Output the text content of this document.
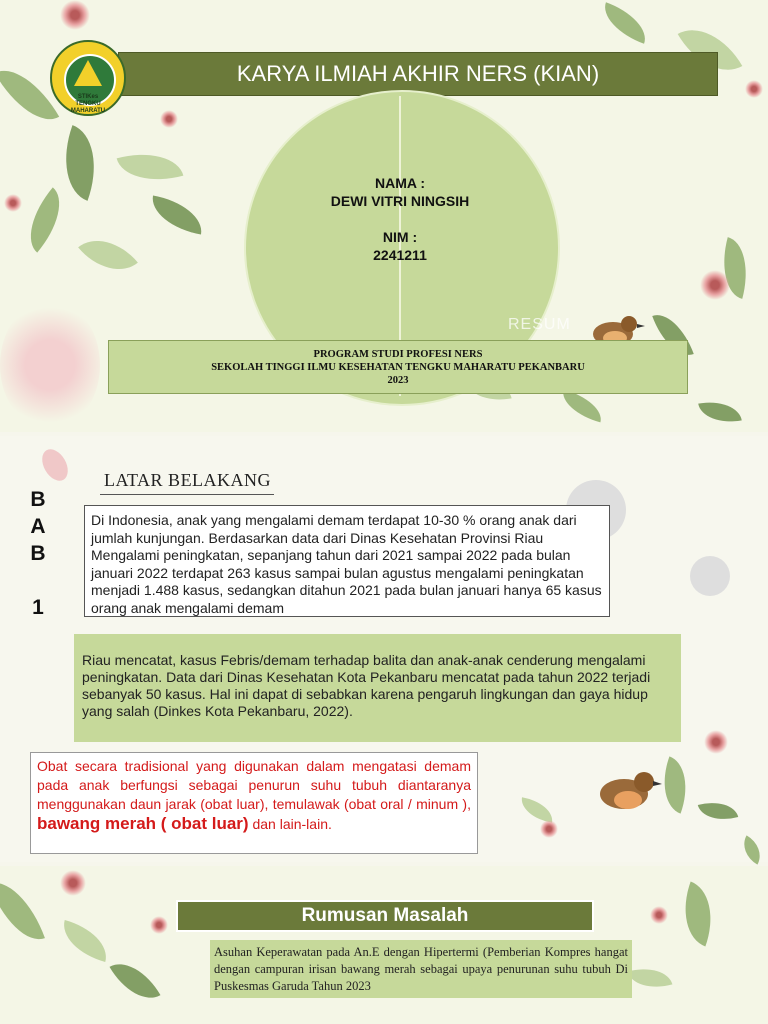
KARYA ILMIAH AKHIR NERS (KIAN)
STIKes TENGKU MAHARATU
NAMA :
DEWI VITRI NINGSIH
NIM :
2241211
RESUM
PROGRAM STUDI PROFESI NERS
SEKOLAH TINGGI ILMU KESEHATAN TENGKU MAHARATU PEKANBARU
2023
B
A
B
1
LATAR BELAKANG
Di Indonesia, anak yang mengalami demam terdapat 10-30 % orang anak dari jumlah kunjungan. Berdasarkan data dari Dinas Kesehatan Provinsi Riau Mengalami peningkatan, sepanjang tahun dari 2021 sampai 2022 pada bulan januari 2022 terdapat 263 kasus sampai bulan agustus mengalami peningkatan menjadi 1.488 kasus, sedangkan ditahun 2021 pada bulan januari hanya 65 kasus orang anak mengalami demam
Riau mencatat, kasus Febris/demam terhadap balita dan anak-anak cenderung mengalami peningkatan. Data dari Dinas Kesehatan Kota Pekanbaru mencatat pada tahun 2022 terjadi sebanyak 50 kasus. Hal ini dapat di sebabkan karena pengaruh lingkungan dan gaya hidup yang salah (Dinkes Kota Pekanbaru, 2022).
Obat secara tradisional yang digunakan dalam mengatasi demam pada anak berfungsi sebagai penurun suhu tubuh diantaranya menggunakan daun jarak (obat luar), temulawak (obat oral / minum ), bawang merah ( obat luar) dan lain-lain.
Rumusan Masalah
Asuhan Keperawatan pada An.E dengan Hipertermi (Pemberian Kompres hangat dengan campuran irisan bawang merah sebagai upaya penurunan suhu tubuh Di Puskesmas Garuda Tahun 2023
